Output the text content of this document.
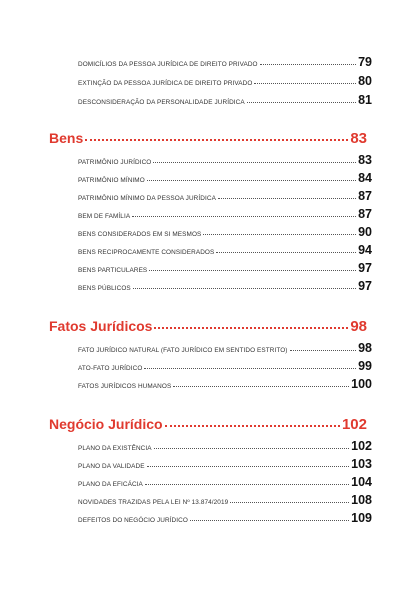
DOMICÍLIOS DA PESSOA JURÍDICA DE DIREITO PRIVADO	79
EXTINÇÃO DA PESSOA JURÍDICA DE DIREITO PRIVADO	80
DESCONSIDERAÇÃO DA PERSONALIDADE JURÍDICA	81
Bens	83
PATRIMÔNIO JURÍDICO	83
PATRIMÔNIO MÍNIMO	84
PATRIMÔNIO MÍNIMO DA PESSOA JURÍDICA	87
BEM DE FAMÍLIA	87
BENS CONSIDERADOS EM SI MESMOS	90
BENS RECIPROCAMENTE CONSIDERADOS	94
BENS PARTICULARES	97
BENS PÚBLICOS	97
Fatos Jurídicos	98
FATO JURÍDICO NATURAL (FATO JURÍDICO EM SENTIDO ESTRITO)	98
ATO-FATO JURÍDICO	99
FATOS JURÍDICOS HUMANOS	100
Negócio Jurídico	102
PLANO DA EXISTÊNCIA	102
PLANO DA VALIDADE	103
PLANO DA EFICÁCIA	104
NOVIDADES TRAZIDAS PELA LEI Nº 13.874/2019	108
DEFEITOS DO NEGÓCIO JURÍDICO	109
